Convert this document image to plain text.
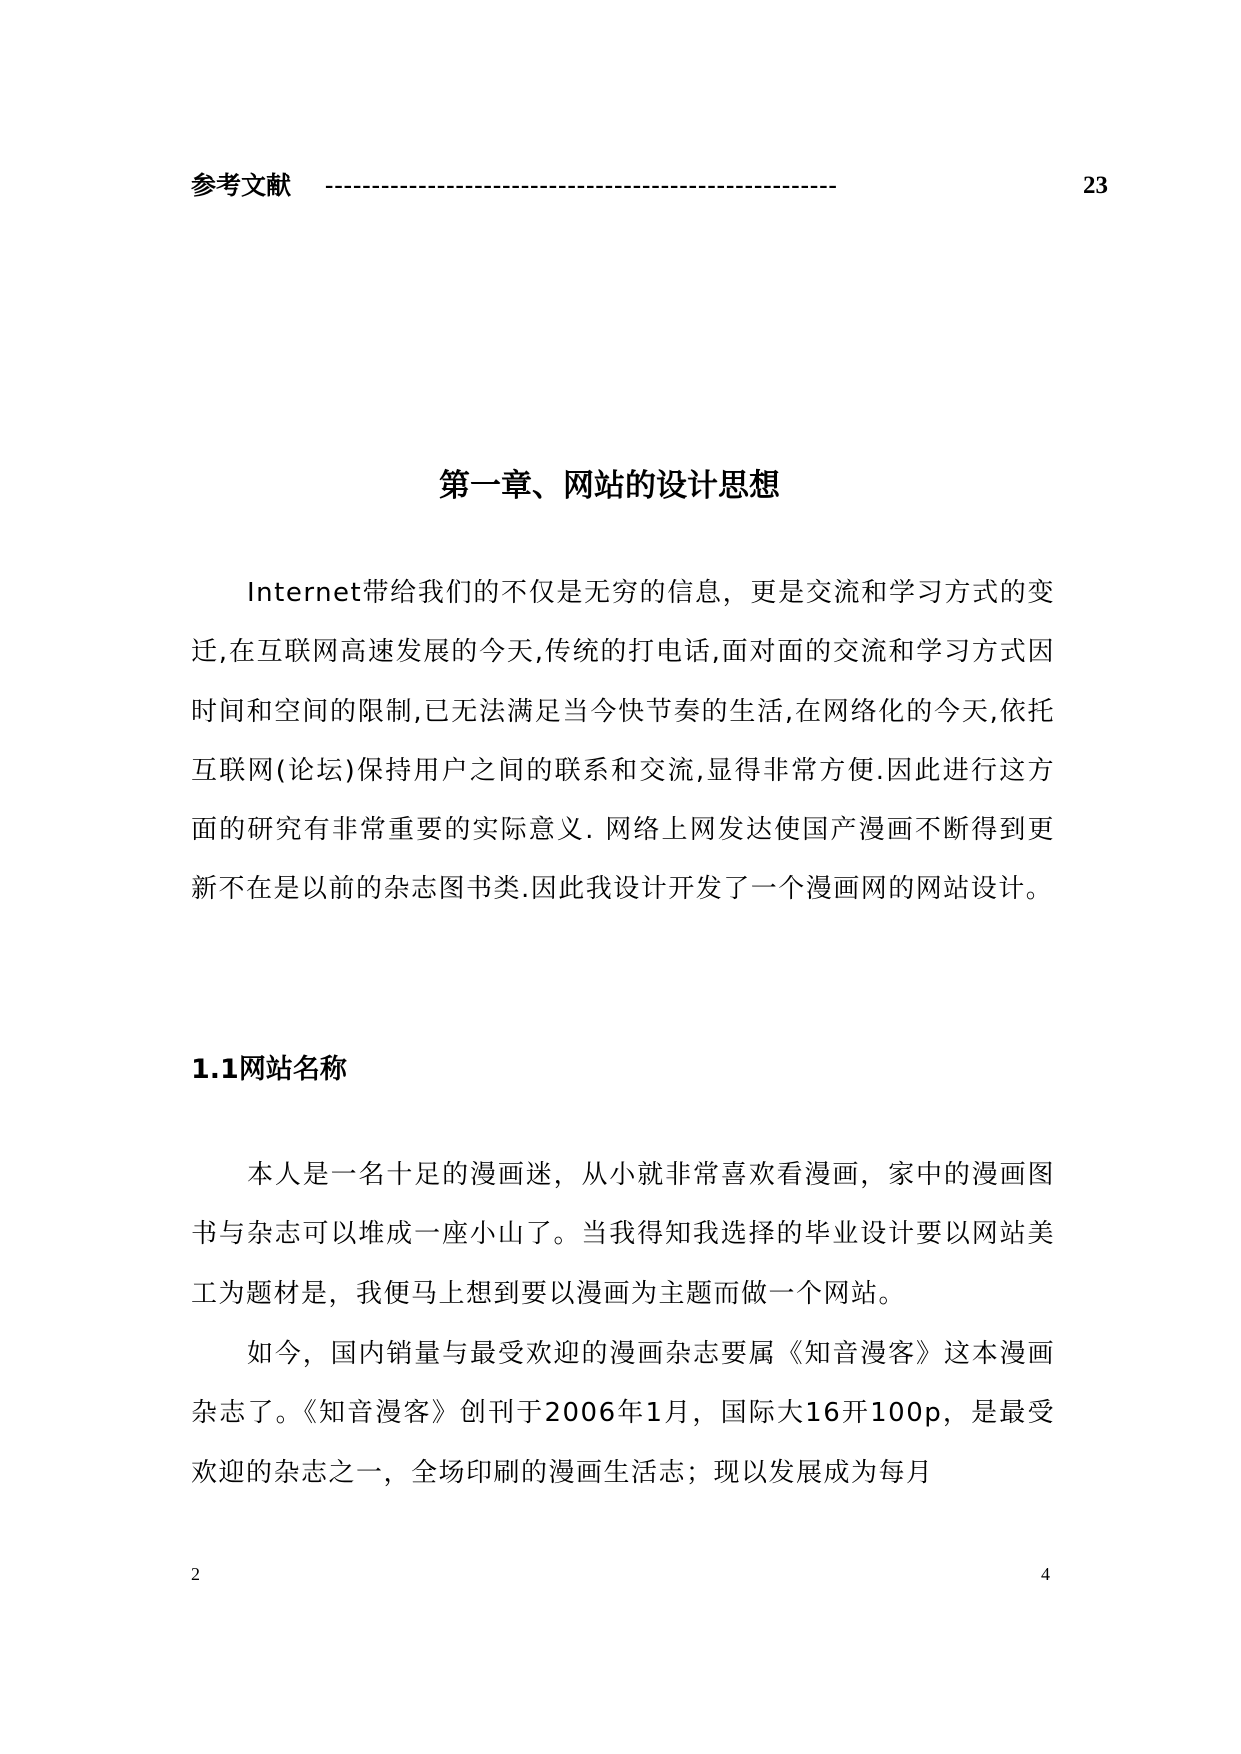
参考文献 -------------------------------------------------------	23
第一章、网站的设计思想

Internet带给我们的不仅是无穷的信息，更是交流和学习方式的变迁,在互联网高速发展的今天,传统的打电话,面对面的交流和学习方式因时间和空间的限制,已无法满足当今快节奏的生活,在网络化的今天,依托互联网(论坛)保持用户之间的联系和交流,显得非常方便.因此进行这方面的研究有非常重要的实际意义. 网络上网发达使国产漫画不断得到更新不在是以前的杂志图书类.因此我设计开发了一个漫画网的网站设计。

1.1网站名称

本人是一名十足的漫画迷，从小就非常喜欢看漫画，家中的漫画图书与杂志可以堆成一座小山了。当我得知我选择的毕业设计要以网站美工为题材是，我便马上想到要以漫画为主题而做一个网站。

如今，国内销量与最受欢迎的漫画杂志要属《知音漫客》这本漫画杂志了。《知音漫客》创刊于2006年1月，国际大16开100p，是最受欢迎的杂志之一，全场印刷的漫画生活志；现以发展成为每月

2	4
